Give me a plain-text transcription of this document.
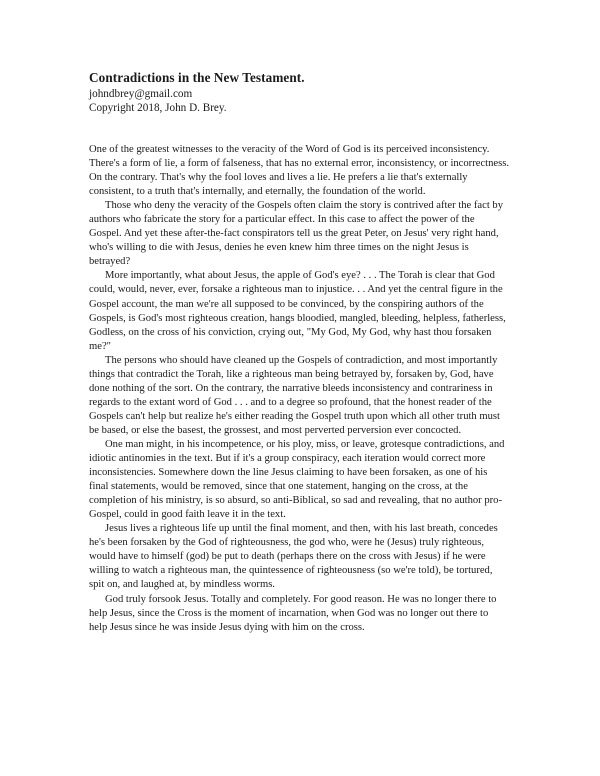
Contradictions in the New Testament.
johndbrey@gmail.com
Copyright 2018, John D. Brey.

One of the greatest witnesses to the veracity of the Word of God is its perceived inconsistency. There's a form of lie, a form of falseness, that has no external error, inconsistency, or incorrectness. On the contrary. That's why the fool loves and lives a lie. He prefers a lie that's externally consistent, to a truth that's internally, and eternally, the foundation of the world.

Those who deny the veracity of the Gospels often claim the story is contrived after the fact by authors who fabricate the story for a particular effect. In this case to affect the power of the Gospel. And yet these after-the-fact conspirators tell us the great Peter, on Jesus' very right hand, who's willing to die with Jesus, denies he even knew him three times on the night Jesus is betrayed?

More importantly, what about Jesus, the apple of God's eye? . . . The Torah is clear that God could, would, never, ever, forsake a righteous man to injustice. . . And yet the central figure in the Gospel account, the man we're all supposed to be convinced, by the conspiring authors of the Gospels, is God's most righteous creation, hangs bloodied, mangled, bleeding, helpless, fatherless, Godless, on the cross of his conviction, crying out, "My God, My God, why hast thou forsaken me?"

The persons who should have cleaned up the Gospels of contradiction, and most importantly things that contradict the Torah, like a righteous man being betrayed by, forsaken by, God, have done nothing of the sort. On the contrary, the narrative bleeds inconsistency and contrariness in regards to the extant word of God . . . and to a degree so profound, that the honest reader of the Gospels can't help but realize he's either reading the Gospel truth upon which all other truth must be based, or else the basest, the grossest, and most perverted perversion ever concocted.

One man might, in his incompetence, or his ploy, miss, or leave, grotesque contradictions, and idiotic antinomies in the text. But if it's a group conspiracy, each iteration would correct more inconsistencies. Somewhere down the line Jesus claiming to have been forsaken, as one of his final statements, would be removed, since that one statement, hanging on the cross, at the completion of his ministry, is so absurd, so anti-Biblical, so sad and revealing, that no author pro-Gospel, could in good faith leave it in the text.

Jesus lives a righteous life up until the final moment, and then, with his last breath, concedes he's been forsaken by the God of righteousness, the god who, were he (Jesus) truly righteous, would have to himself (god) be put to death (perhaps there on the cross with Jesus) if he were willing to watch a righteous man, the quintessence of righteousness (so we're told), be tortured, spit on, and laughed at, by mindless worms.

God truly forsook Jesus. Totally and completely. For good reason. He was no longer there to help Jesus, since the Cross is the moment of incarnation, when God was no longer out there to help Jesus since he was inside Jesus dying with him on the cross.
